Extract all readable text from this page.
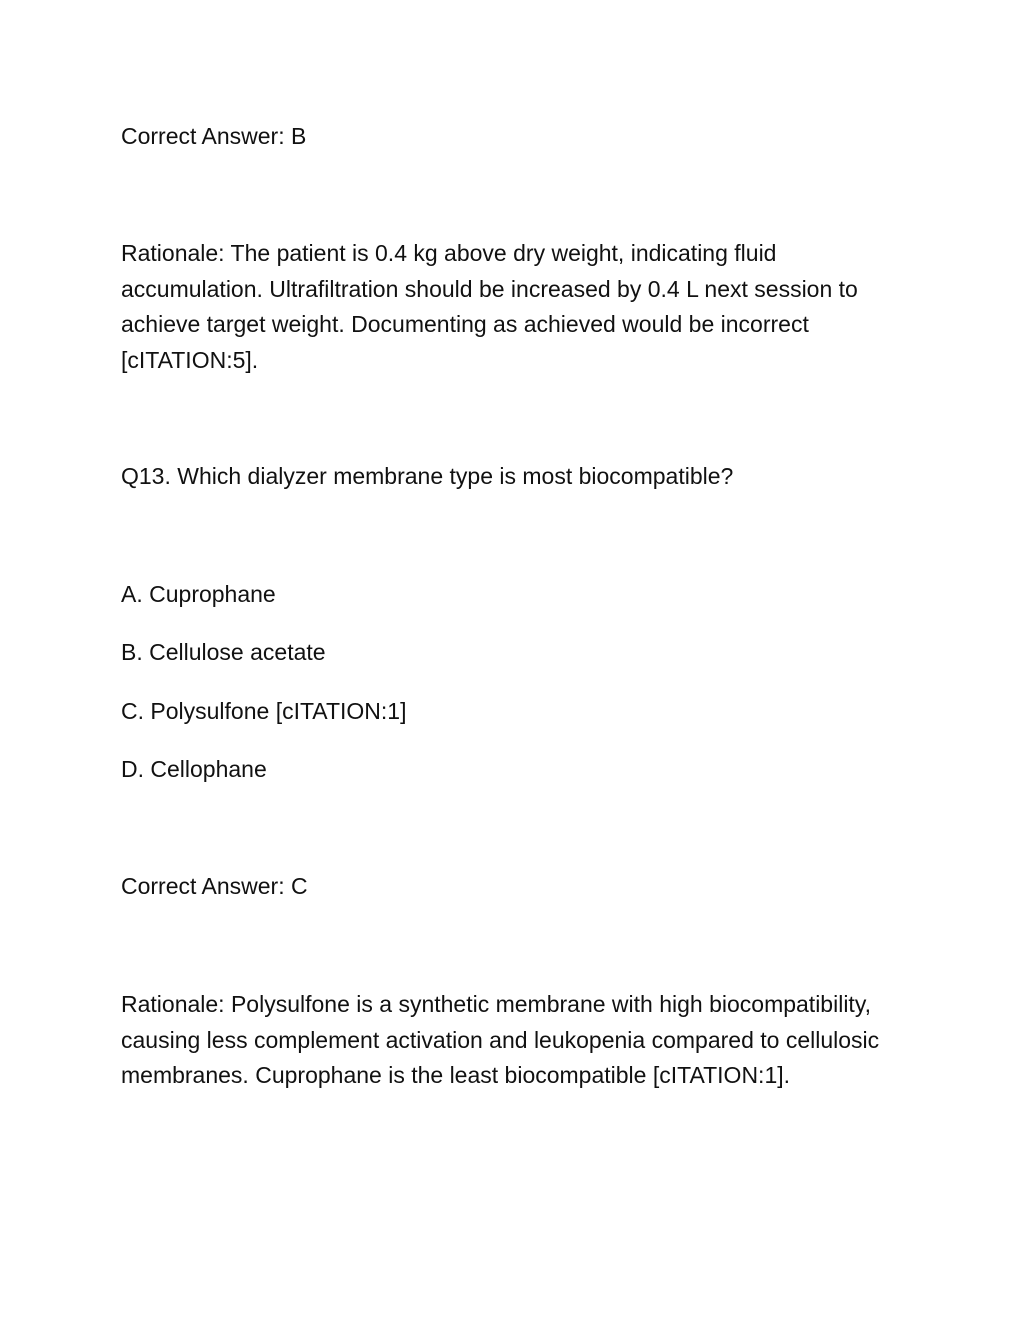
Correct Answer: B

Rationale: The patient is 0.4 kg above dry weight, indicating fluid accumulation. Ultrafiltration should be increased by 0.4 L next session to achieve target weight. Documenting as achieved would be incorrect [cITATION:5].

Q13. Which dialyzer membrane type is most biocompatible?

A. Cuprophane

B. Cellulose acetate

C. Polysulfone [cITATION:1]

D. Cellophane

Correct Answer: C

Rationale: Polysulfone is a synthetic membrane with high biocompatibility, causing less complement activation and leukopenia compared to cellulosic membranes. Cuprophane is the least biocompatible [cITATION:1].
